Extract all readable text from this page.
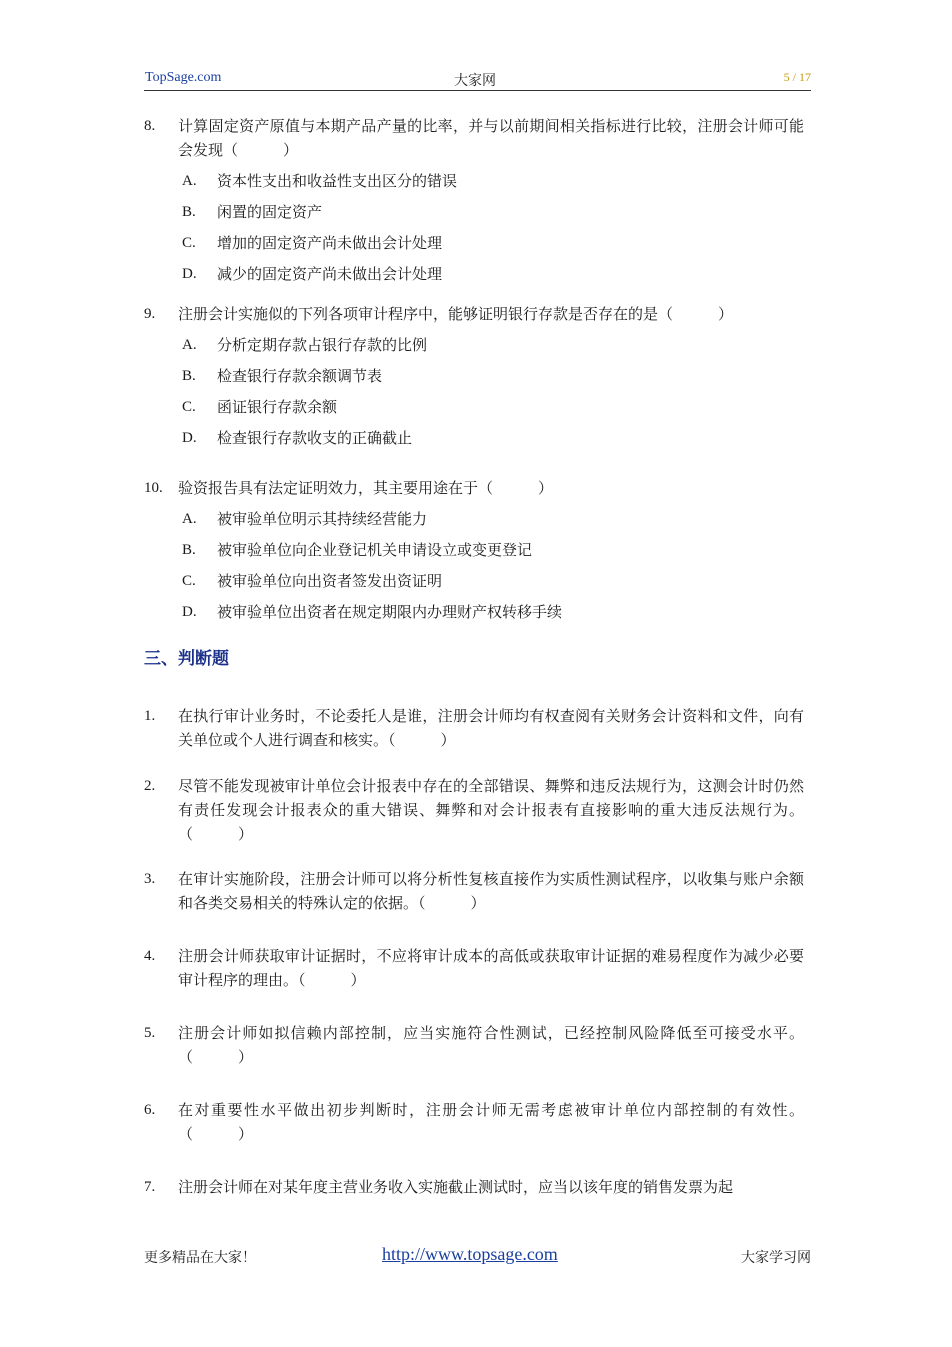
TopSage.com	大家网	5 / 17
8. 计算固定资产原值与本期产品产量的比率，并与以前期间相关指标进行比较，注册会计师可能会发现（　　　）
A. 资本性支出和收益性支出区分的错误
B. 闲置的固定资产
C. 增加的固定资产尚未做出会计处理
D. 减少的固定资产尚未做出会计处理
9. 注册会计实施似的下列各项审计程序中，能够证明银行存款是否存在的是（　　　）
A. 分析定期存款占银行存款的比例
B. 检查银行存款余额调节表
C. 函证银行存款余额
D. 检查银行存款收支的正确截止
10. 验资报告具有法定证明效力，其主要用途在于（　　　）
A. 被审验单位明示其持续经营能力
B. 被审验单位向企业登记机关申请设立或变更登记
C. 被审验单位向出资者签发出资证明
D. 被审验单位出资者在规定期限内办理财产权转移手续
三、判断题
1. 在执行审计业务时，不论委托人是谁，注册会计师均有权查阅有关财务会计资料和文件，向有关单位或个人进行调查和核实。（　　　）
2. 尽管不能发现被审计单位会计报表中存在的全部错误、舞弊和违反法规行为，这测会计时仍然有责任发现会计报表众的重大错误、舞弊和对会计报表有直接影响的重大违反法规行为。（　　　）
3. 在审计实施阶段，注册会计师可以将分析性复核直接作为实质性测试程序，以收集与账户余额和各类交易相关的特殊认定的依据。（　　　）
4. 注册会计师获取审计证据时，不应将审计成本的高低或获取审计证据的难易程度作为减少必要审计程序的理由。（　　　）
5. 注册会计师如拟信赖内部控制，应当实施符合性测试，已经控制风险降低至可接受水平。（　　　）
6. 在对重要性水平做出初步判断时，注册会计师无需考虑被审计单位内部控制的有效性。（　　　）
7. 注册会计师在对某年度主营业务收入实施截止测试时，应当以该年度的销售发票为起
更多精品在大家！	http://www.topsage.com	大家学习网
